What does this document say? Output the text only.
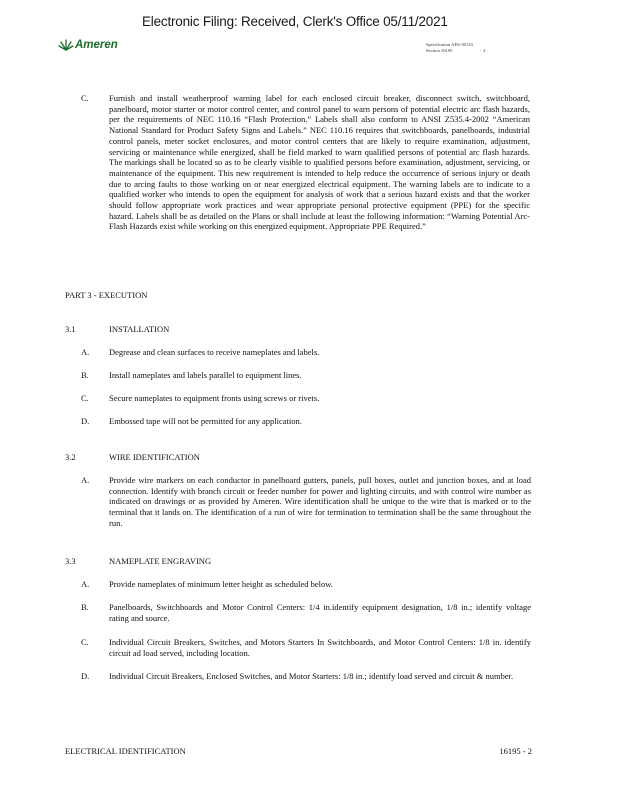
Electronic Filing: Received, Clerk's Office 05/11/2021
Ameren	Specification AES-30123
Section 16195	- 2
C. Furnish and install weatherproof warning label for each enclosed circuit breaker, disconnect switch, switchboard, panelboard, motor starter or motor control center, and control panel to warn persons of potential electric arc flash hazards, per the requirements of NEC 110.16 “Flash Protection.” Labels shall also conform to ANSI Z535.4-2002 “American National Standard for Product Safety Signs and Labels.” NEC 110.16 requires that switchboards, panelboards, industrial control panels, meter socket enclosures, and motor control centers that are likely to require examination, adjustment, servicing or maintenance while energized, shall be field marked to warn qualified persons of potential arc flash hazards. The markings shall be located so as to be clearly visible to qualified persons before examination, adjustment, servicing, or maintenance of the equipment. This new requirement is intended to help reduce the occurrence of serious injury or death due to arcing faults to those working on or near energized electrical equipment. The warning labels are to indicate to a qualified worker who intends to open the equipment for analysis of work that a serious hazard exists and that the worker should follow appropriate work practices and wear appropriate personal protective equipment (PPE) for the specific hazard. Labels shall be as detailed on the Plans or shall include at least the following information: “Warning Potential Arc-Flash Hazards exist while working on this energized equipment. Appropriate PPE Required.”
PART 3 - EXECUTION
3.1	INSTALLATION
A. Degrease and clean surfaces to receive nameplates and labels.
B. Install nameplates and labels parallel to equipment lines.
C. Secure nameplates to equipment fronts using screws or rivets.
D. Embossed tape will not be permitted for any application.
3.2	WIRE IDENTIFICATION
A. Provide wire markers on each conductor in panelboard gutters, panels, pull boxes, outlet and junction boxes, and at load connection. Identify with branch circuit or feeder number for power and lighting circuits, and with control wire number as indicated on drawings or as provided by Ameren. Wire identification shall be unique to the wire that is marked or to the terminal that it lands on. The identification of a run of wire for termination to termination shall be the same throughout the run.
3.3	NAMEPLATE ENGRAVING
A. Provide nameplates of minimum letter height as scheduled below.
B. Panelboards, Switchboards and Motor Control Centers: 1/4 in.identify equipment designation, 1/8 in.; identify voltage rating and source.
C. Individual Circuit Breakers, Switches, and Motors Starters In Switchboards, and Motor Control Centers: 1/8 in. identify circuit ad load served, including location.
D. Individual Circuit Breakers, Enclosed Switches, and Motor Starters: 1/8 in.; identify load served and circuit & number.
ELECTRICAL IDENTIFICATION	16195 - 2
